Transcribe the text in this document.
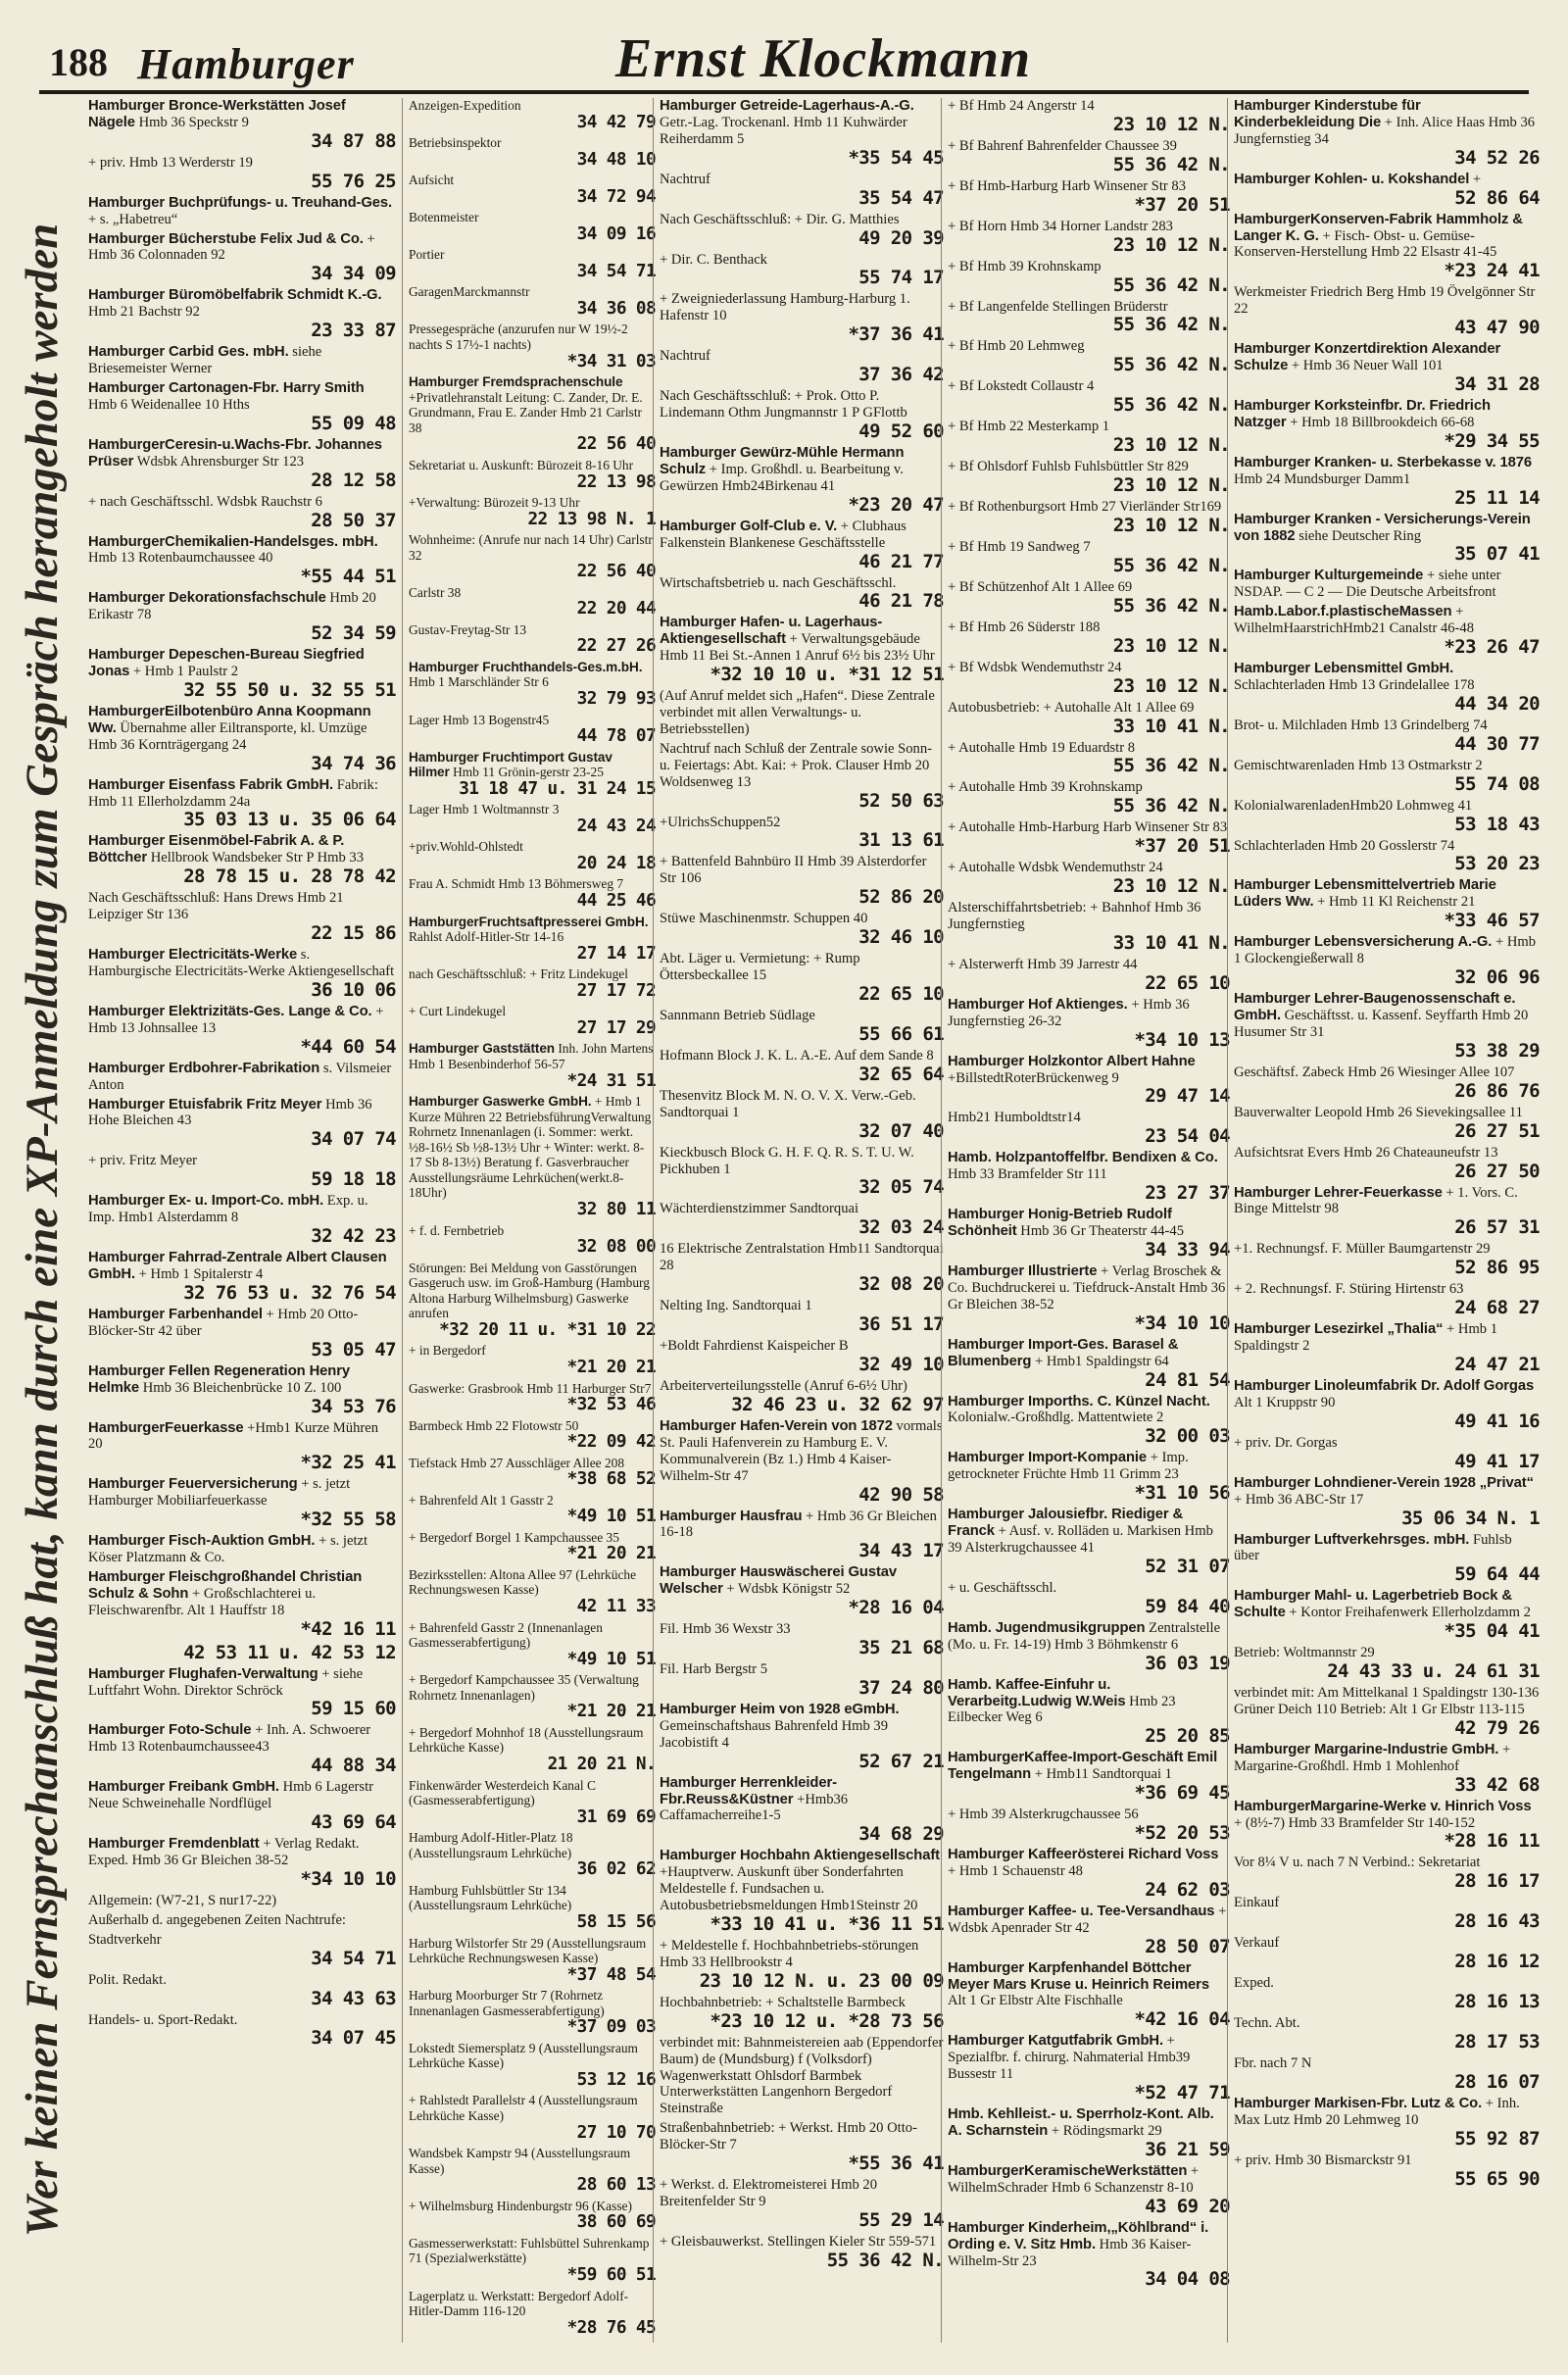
188 Hamburger	Ernst Klockmann
Wer keinen Fernsprechanschluß hat, kann durch eine XP-Anmeldung zum Gespräch herangeholt werden

Hamburger Bronce-Werkstätten Josef Nägele Hmb 36 Speckstr 9

34 87 88

+ priv. Hmb 13 Werderstr 19

55 76 25

Hamburger Buchprüfungs- u. Treuhand-Ges. + s. „Habetreu“

Hamburger Bücherstube Felix Jud & Co. + Hmb 36 Colonnaden 92

34 34 09

Hamburger Büromöbelfabrik Schmidt K.-G. Hmb 21 Bachstr 92

23 33 87

Hamburger Carbid Ges. mbH. siehe Briesemeister Werner

Hamburger Cartonagen-Fbr. Harry Smith Hmb 6 Weidenallee 10 Hths

55 09 48

HamburgerCeresin-u.Wachs-Fbr. Johannes Prüser Wdsbk Ahrensburger Str 123

28 12 58

+ nach Geschäftsschl. Wdsbk Rauchstr 6

28 50 37

HamburgerChemikalien-Handelsges. mbH. Hmb 13 Rotenbaumchaussee 40

*55 44 51

Hamburger Dekorationsfachschule Hmb 20 Erikastr 78

52 34 59

Hamburger Depeschen-Bureau Siegfried Jonas + Hmb 1 Paulstr 2

32 55 50 u. 32 55 51

HamburgerEilbotenbüro Anna Koopmann Ww. Übernahme aller Eiltransporte, kl. Umzüge Hmb 36 Kornträgergang 24

34 74 36

Hamburger Eisenfass Fabrik GmbH. Fabrik: Hmb 11 Ellerholzdamm 24a

35 03 13 u. 35 06 64

Hamburger Eisenmöbel-Fabrik A. & P. Böttcher Hellbrook Wandsbeker Str P Hmb 33

28 78 15 u. 28 78 42

Nach Geschäftsschluß: Hans Drews Hmb 21 Leipziger Str 136

22 15 86

Hamburger Electricitäts-Werke s. Hamburgische Electricitäts-Werke Aktiengesellschaft

36 10 06

Hamburger Elektrizitäts-Ges. Lange & Co. + Hmb 13 Johnsallee 13

*44 60 54

Hamburger Erdbohrer-Fabrikation s. Vilsmeier Anton

Hamburger Etuisfabrik Fritz Meyer Hmb 36 Hohe Bleichen 43

34 07 74

+ priv. Fritz Meyer

59 18 18

Hamburger Ex- u. Import-Co. mbH. Exp. u. Imp. Hmb1 Alsterdamm 8

32 42 23

Hamburger Fahrrad-Zentrale Albert Clausen GmbH. + Hmb 1 Spitalerstr 4

32 76 53 u. 32 76 54

Hamburger Farbenhandel + Hmb 20 Otto-Blöcker-Str 42 über

53 05 47

Hamburger Fellen Regeneration Henry Helmke Hmb 36 Bleichenbrücke 10 Z. 100

34 53 76

HamburgerFeuerkasse +Hmb1 Kurze Mühren 20

*32 25 41

Hamburger Feuerversicherung + s. jetzt Hamburger Mobiliarfeuerkasse

*32 55 58

Hamburger Fisch-Auktion GmbH. + s. jetzt Köser Platzmann & Co.

Hamburger Fleischgroßhandel Christian Schulz & Sohn + Großschlachterei u. Fleischwarenfbr. Alt 1 Hauffstr 18

*42 16 11

42 53 11 u. 42 53 12

Hamburger Flughafen-Verwaltung + siehe Luftfahrt Wohn. Direktor Schröck

59 15 60

Hamburger Foto-Schule + Inh. A. Schwoerer Hmb 13 Rotenbaumchaussee43

44 88 34

Hamburger Freibank GmbH. Hmb 6 Lagerstr Neue Schweinehalle Nordflügel

43 69 64

Hamburger Fremdenblatt + Verlag Redakt. Exped. Hmb 36 Gr Bleichen 38-52

*34 10 10

Allgemein: (W7-21, S nur17-22)

Außerhalb d. angegebenen Zeiten Nachtrufe:

Stadtverkehr

34 54 71

Polit. Redakt.

34 43 63

Handels- u. Sport-Redakt.

34 07 45

Anzeigen-Expedition

34 42 79

Betriebsinspektor

34 48 10

Aufsicht

34 72 94

Botenmeister

34 09 16

Portier

34 54 71

GaragenMarckmannstr

34 36 08

Pressegespräche (anzurufen nur W 19½-2 nachts S 17½-1 nachts)

*34 31 03

Hamburger Fremdsprachenschule +Privatlehranstalt Leitung: C. Zander, Dr. E. Grundmann, Frau E. Zander Hmb 21 Carlstr 38

22 56 40

Sekretariat u. Auskunft: Bürozeit 8-16 Uhr

22 13 98

+Verwaltung: Bürozeit 9-13 Uhr

22 13 98 N. 1

Wohnheime: (Anrufe nur nach 14 Uhr) Carlstr 32

22 56 40

Carlstr 38

22 20 44

Gustav-Freytag-Str 13

22 27 26

Hamburger Fruchthandels-Ges.m.bH. Hmb 1 Marschländer Str 6

32 79 93

Lager Hmb 13 Bogenstr45

44 78 07

Hamburger Fruchtimport Gustav Hilmer Hmb 11 Grönin-gerstr 23-25

31 18 47 u. 31 24 15

Lager Hmb 1 Woltmannstr 3

24 43 24

+priv.Wohld-Ohlstedt

20 24 18

Frau A. Schmidt Hmb 13 Böhmersweg 7

44 25 46

HamburgerFruchtsaftpresserei GmbH. Rahlst Adolf-Hitler-Str 14-16

27 14 17

nach Geschäftsschluß: + Fritz Lindekugel

27 17 72

+ Curt Lindekugel

27 17 29

Hamburger Gaststätten Inh. John Martens Hmb 1 Besenbinderhof 56-57

*24 31 51

Hamburger Gaswerke GmbH. + Hmb 1 Kurze Mühren 22 BetriebsführungVerwaltung Rohrnetz Innenanlagen (i. Sommer: werkt. ½8-16½ Sb ½8-13½ Uhr + Winter: werkt. 8-17 Sb 8-13½) Beratung f. Gasverbraucher Ausstellungsräume Lehrküchen(werkt.8-18Uhr)

32 80 11

+ f. d. Fernbetrieb

32 08 00

Störungen: Bei Meldung von Gasstörungen Gasgeruch usw. im Groß-Hamburg (Hamburg Altona Harburg Wilhelmsburg) Gaswerke anrufen

*32 20 11 u. *31 10 22

+ in Bergedorf

*21 20 21

Gaswerke: Grasbrook Hmb 11 Harburger Str7

*32 53 46

Barmbeck Hmb 22 Flotowstr 50

*22 09 42

Tiefstack Hmb 27 Ausschläger Allee 208

*38 68 52

+ Bahrenfeld Alt 1 Gasstr 2

*49 10 51

+ Bergedorf Borgel 1 Kampchaussee 35

*21 20 21

Bezirksstellen: Altona Allee 97 (Lehrküche Rechnungswesen Kasse)

42 11 33

+ Bahrenfeld Gasstr 2 (Innenanlagen Gasmesserabfertigung)

*49 10 51

+ Bergedorf Kampchaussee 35 (Verwaltung Rohrnetz Innenanlagen)

*21 20 21

+ Bergedorf Mohnhof 18 (Ausstellungsraum Lehrküche Kasse)

21 20 21 N.

Finkenwärder Westerdeich Kanal C (Gasmesserabfertigung)

31 69 69

Hamburg Adolf-Hitler-Platz 18 (Ausstellungsraum Lehrküche)

36 02 62

Hamburg Fuhlsbüttler Str 134 (Ausstellungsraum Lehrküche)

58 15 56

Harburg Wilstorfer Str 29 (Ausstellungsraum Lehrküche Rechnungswesen Kasse)

*37 48 54

Harburg Moorburger Str 7 (Rohrnetz Innenanlagen Gasmesserabfertigung)

*37 09 03

Lokstedt Siemersplatz 9 (Ausstellungsraum Lehrküche Kasse)

53 12 16

+ Rahlstedt Parallelstr 4 (Ausstellungsraum Lehrküche Kasse)

27 10 70

Wandsbek Kampstr 94 (Ausstellungsraum Kasse)

28 60 13

+ Wilhelmsburg Hindenburgstr 96 (Kasse)

38 60 69

Gasmesserwerkstatt: Fuhlsbüttel Suhrenkamp 71 (Spezialwerkstätte)

*59 60 51

Lagerplatz u. Werkstatt: Bergedorf Adolf-Hitler-Damm 116-120

*28 76 45

Hamburger Getreide-Lagerhaus-A.-G. Getr.-Lag. Trockenanl. Hmb 11 Kuhwärder Reiherdamm 5

*35 54 45

Nachtruf

35 54 47

Nach Geschäftsschluß: + Dir. G. Matthies

49 20 39

+ Dir. C. Benthack

55 74 17

+ Zweigniederlassung Hamburg-Harburg 1. Hafenstr 10

*37 36 41

Nachtruf

37 36 42

Nach Geschäftsschluß: + Prok. Otto P. Lindemann Othm Jungmannstr 1 P GFlottb

49 52 60

Hamburger Gewürz-Mühle Hermann Schulz + Imp. Großhdl. u. Bearbeitung v. Gewürzen Hmb24Birkenau 41

*23 20 47

Hamburger Golf-Club e. V. + Clubhaus Falkenstein Blankenese Geschäftsstelle

46 21 77

Wirtschaftsbetrieb u. nach Geschäftsschl.

46 21 78

Hamburger Hafen- u. Lagerhaus-Aktiengesellschaft + Verwaltungsgebäude Hmb 11 Bei St.-Annen 1 Anruf 6½ bis 23½ Uhr

*32 10 10 u. *31 12 51

(Auf Anruf meldet sich „Hafen“. Diese Zentrale verbindet mit allen Verwaltungs- u. Betriebsstellen)

Nachtruf nach Schluß der Zentrale sowie Sonn- u. Feiertags: Abt. Kai: + Prok. Clauser Hmb 20 Woldsenweg 13

52 50 63

+UlrichsSchuppen52

31 13 61

+ Battenfeld Bahnbüro II Hmb 39 Alsterdorfer Str 106

52 86 20

Stüwe Maschinenmstr. Schuppen 40

32 46 10

Abt. Läger u. Vermietung: + Rump Öttersbeckallee 15

22 65 10

Sannmann Betrieb Südlage

55 66 61

Hofmann Block J. K. L. A.-E. Auf dem Sande 8

32 65 64

Thesenvitz Block M. N. O. V. X. Verw.-Geb. Sandtorquai 1

32 07 40

Kieckbusch Block G. H. F. Q. R. S. T. U. W. Pickhuben 1

32 05 74

Wächterdienstzimmer Sandtorquai

32 03 24

16 Elektrische Zentralstation Hmb11 Sandtorquai 28

32 08 20

Nelting Ing. Sandtorquai 1

36 51 17

+Boldt Fahrdienst Kaispeicher B

32 49 10

Arbeiterverteilungsstelle (Anruf 6-6½ Uhr)

32 46 23 u. 32 62 97

Hamburger Hafen-Verein von 1872 vormals St. Pauli Hafenverein zu Hamburg E. V. Kommunalverein (Bz 1.) Hmb 4 Kaiser-Wilhelm-Str 47

42 90 58

Hamburger Hausfrau + Hmb 36 Gr Bleichen 16-18

34 43 17

Hamburger Hauswäscherei Gustav Welscher + Wdsbk Königstr 52

*28 16 04

Fil. Hmb 36 Wexstr 33

35 21 68

Fil. Harb Bergstr 5

37 24 80

Hamburger Heim von 1928 eGmbH. Gemeinschaftshaus Bahrenfeld Hmb 39 Jacobistift 4

52 67 21

Hamburger Herrenkleider-Fbr.Reuss&Küstner +Hmb36 Caffamacherreihe1-5

34 68 29

Hamburger Hochbahn Aktiengesellschaft +Hauptverw. Auskunft über Sonderfahrten Meldestelle f. Fundsachen u. Autobusbetriebsmeldungen Hmb1Steinstr 20

*33 10 41 u. *36 11 51

+ Meldestelle f. Hochbahnbetriebs-störungen Hmb 33 Hellbrookstr 4

23 10 12 N. u. 23 00 09

Hochbahnbetrieb: + Schaltstelle Barmbeck

*23 10 12 u. *28 73 56

verbindet mit: Bahnmeistereien aab (Eppendorfer Baum) de (Mundsburg) f (Volksdorf) Wagenwerkstatt Ohlsdorf Barmbek Unterwerkstätten Langenhorn Bergedorf Steinstraße

Straßenbahnbetrieb: + Werkst. Hmb 20 Otto-Blöcker-Str 7

*55 36 41

+ Werkst. d. Elektromeisterei Hmb 20 Breitenfelder Str 9

55 29 14

+ Gleisbauwerkst. Stellingen Kieler Str 559-571

55 36 42 N.

+ Bf Hmb 24 Angerstr 14

23 10 12 N.

+ Bf Bahrenf Bahrenfelder Chaussee 39

55 36 42 N.

+ Bf Hmb-Harburg Harb Winsener Str 83

*37 20 51

+ Bf Horn Hmb 34 Horner Landstr 283

23 10 12 N.

+ Bf Hmb 39 Krohnskamp

55 36 42 N.

+ Bf Langenfelde Stellingen Brüderstr

55 36 42 N.

+ Bf Hmb 20 Lehmweg

55 36 42 N.

+ Bf Lokstedt Collaustr 4

55 36 42 N.

+ Bf Hmb 22 Mesterkamp 1

23 10 12 N.

+ Bf Ohlsdorf Fuhlsb Fuhlsbüttler Str 829

23 10 12 N.

+ Bf Rothenburgsort Hmb 27 Vierländer Str169

23 10 12 N.

+ Bf Hmb 19 Sandweg 7

55 36 42 N.

+ Bf Schützenhof Alt 1 Allee 69

55 36 42 N.

+ Bf Hmb 26 Süderstr 188

23 10 12 N.

+ Bf Wdsbk Wendemuthstr 24

23 10 12 N.

Autobusbetrieb: + Autohalle Alt 1 Allee 69

33 10 41 N.

+ Autohalle Hmb 19 Eduardstr 8

55 36 42 N.

+ Autohalle Hmb 39 Krohnskamp

55 36 42 N.

+ Autohalle Hmb-Harburg Harb Winsener Str 83

*37 20 51

+ Autohalle Wdsbk Wendemuthstr 24

23 10 12 N.

Alsterschiffahrtsbetrieb: + Bahnhof Hmb 36 Jungfernstieg

33 10 41 N.

+ Alsterwerft Hmb 39 Jarrestr 44

22 65 10

Hamburger Hof Aktienges. + Hmb 36 Jungfernstieg 26-32

*34 10 13

Hamburger Holzkontor Albert Hahne +BillstedtRoterBrückenweg 9

29 47 14

Hmb21 Humboldtstr14

23 54 04

Hamb. Holzpantoffelfbr. Bendixen & Co. Hmb 33 Bramfelder Str 111

23 27 37

Hamburger Honig-Betrieb Rudolf Schönheit Hmb 36 Gr Theaterstr 44-45

34 33 94

Hamburger Illustrierte + Verlag Broschek & Co. Buchdruckerei u. Tiefdruck-Anstalt Hmb 36 Gr Bleichen 38-52

*34 10 10

Hamburger Import-Ges. Barasel & Blumenberg + Hmb1 Spaldingstr 64

24 81 54

Hamburger Imporths. C. Künzel Nacht. Kolonialw.-Großhdlg. Mattentwiete 2

32 00 03

Hamburger Import-Kompanie + Imp. getrockneter Früchte Hmb 11 Grimm 23

*31 10 56

Hamburger Jalousiefbr. Riediger & Franck + Ausf. v. Rolläden u. Markisen Hmb 39 Alsterkrugchaussee 41

52 31 07

+ u. Geschäftsschl.

59 84 40

Hamb. Jugendmusikgruppen Zentralstelle (Mo. u. Fr. 14-19) Hmb 3 Böhmkenstr 6

36 03 19

Hamb. Kaffee-Einfuhr u. Verarbeitg.Ludwig W.Weis Hmb 23 Eilbecker Weg 6

25 20 85

HamburgerKaffee-Import-Geschäft Emil Tengelmann + Hmb11 Sandtorquai 1

*36 69 45

+ Hmb 39 Alsterkrugchaussee 56

*52 20 53

Hamburger Kaffeerösterei Richard Voss + Hmb 1 Schauenstr 48

24 62 03

Hamburger Kaffee- u. Tee-Versandhaus + Wdsbk Apenrader Str 42

28 50 07

Hamburger Karpfenhandel Böttcher Meyer Mars Kruse u. Heinrich Reimers Alt 1 Gr Elbstr Alte Fischhalle

*42 16 04

Hamburger Katgutfabrik GmbH. + Spezialfbr. f. chirurg. Nahmaterial Hmb39 Bussestr 11

*52 47 71

Hmb. Kehlleist.- u. Sperrholz-Kont. Alb. A. Scharnstein + Rödingsmarkt 29

36 21 59

HamburgerKeramischeWerkstätten + WilhelmSchrader Hmb 6 Schanzenstr 8-10

43 69 20

Hamburger Kinderheim,„Köhlbrand“ i. Ording e. V. Sitz Hmb. Hmb 36 Kaiser-Wilhelm-Str 23

34 04 08

Hamburger Kinderstube für Kinderbekleidung Die + Inh. Alice Haas Hmb 36 Jungfernstieg 34

34 52 26

Hamburger Kohlen- u. Kokshandel +

52 86 64

HamburgerKonserven-Fabrik Hammholz & Langer K. G. + Fisch- Obst- u. Gemüse-Konserven-Herstellung Hmb 22 Elsastr 41-45

*23 24 41

Werkmeister Friedrich Berg Hmb 19 Övelgönner Str 22

43 47 90

Hamburger Konzertdirektion Alexander Schulze + Hmb 36 Neuer Wall 101

34 31 28

Hamburger Korksteinfbr. Dr. Friedrich Natzger + Hmb 18 Billbrookdeich 66-68

*29 34 55

Hamburger Kranken- u. Sterbekasse v. 1876 Hmb 24 Mundsburger Damm1

25 11 14

Hamburger Kranken - Versicherungs-Verein von 1882 siehe Deutscher Ring

35 07 41

Hamburger Kulturgemeinde + siehe unter NSDAP. — C 2 — Die Deutsche Arbeitsfront

Hamb.Labor.f.plastischeMassen + WilhelmHaarstrichHmb21 Canalstr 46-48

*23 26 47

Hamburger Lebensmittel GmbH. Schlachterladen Hmb 13 Grindelallee 178

44 34 20

Brot- u. Milchladen Hmb 13 Grindelberg 74

44 30 77

Gemischtwarenladen Hmb 13 Ostmarkstr 2

55 74 08

KolonialwarenladenHmb20 Lohmweg 41

53 18 43

Schlachterladen Hmb 20 Gosslerstr 74

53 20 23

Hamburger Lebensmittelvertrieb Marie Lüders Ww. + Hmb 11 Kl Reichenstr 21

*33 46 57

Hamburger Lebensversicherung A.-G. + Hmb 1 Glockengießerwall 8

32 06 96

Hamburger Lehrer-Baugenossenschaft e. GmbH. Geschäftsst. u. Kassenf. Seyffarth Hmb 20 Husumer Str 31

53 38 29

Geschäftsf. Zabeck Hmb 26 Wiesinger Allee 107

26 86 76

Bauverwalter Leopold Hmb 26 Sievekingsallee 11

26 27 51

Aufsichtsrat Evers Hmb 26 Chateauneufstr 13

26 27 50

Hamburger Lehrer-Feuerkasse + 1. Vors. C. Binge Mittelstr 98

26 57 31

+1. Rechnungsf. F. Müller Baumgartenstr 29

52 86 95

+ 2. Rechnungsf. F. Stüring Hirtenstr 63

24 68 27

Hamburger Lesezirkel „Thalia“ + Hmb 1 Spaldingstr 2

24 47 21

Hamburger Linoleumfabrik Dr. Adolf Gorgas Alt 1 Kruppstr 90

49 41 16

+ priv. Dr. Gorgas

49 41 17

Hamburger Lohndiener-Verein 1928 „Privat“ + Hmb 36 ABC-Str 17

35 06 34 N. 1

Hamburger Luftverkehrsges. mbH. Fuhlsb über

59 64 44

Hamburger Mahl- u. Lagerbetrieb Bock & Schulte + Kontor Freihafenwerk Ellerholzdamm 2

*35 04 41

Betrieb: Woltmannstr 29

24 43 33 u. 24 61 31

verbindet mit: Am Mittelkanal 1 Spaldingstr 130-136 Grüner Deich 110 Betrieb: Alt 1 Gr Elbstr 113-115

42 79 26

Hamburger Margarine-Industrie GmbH. + Margarine-Großhdl. Hmb 1 Mohlenhof

33 42 68

HamburgerMargarine-Werke v. Hinrich Voss + (8½-7) Hmb 33 Bramfelder Str 140-152

*28 16 11

Vor 8¼ V u. nach 7 N Verbind.: Sekretariat

28 16 17

Einkauf

28 16 43

Verkauf

28 16 12

Exped.

28 16 13

Techn. Abt.

28 17 53

Fbr. nach 7 N

28 16 07

Hamburger Markisen-Fbr. Lutz & Co. + Inh. Max Lutz Hmb 20 Lehmweg 10

55 92 87

+ priv. Hmb 30 Bismarckstr 91

55 65 90
